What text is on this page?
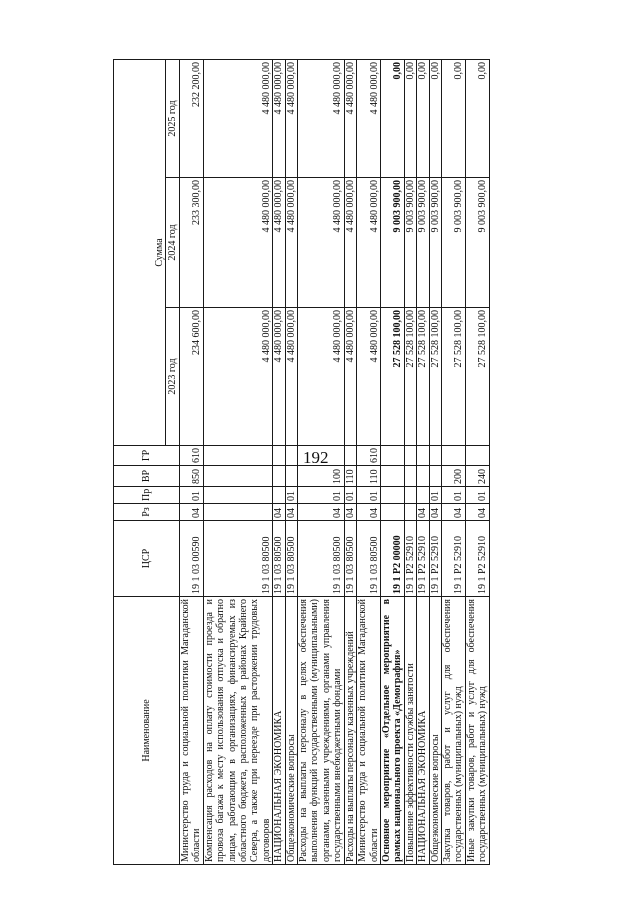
192
Наименование	ЦСР	Рз	Пр	ВР	ГР	Сумма		
						2023 год	2024 год	2025 год
Министерство труда и социальной политики Магаданской области	19 1 03 00590	04	01	850	610	234 600,00	233 300,00	232 200,00
Компенсация расходов на оплату стоимости проезда и провоза багажа к месту использования отпуска и обратно лицам, работающим в организациях, финансируемых из областного бюджета, расположенных в районах Крайнего Севера, а также при переезде при расторжении трудовых договоров	19 1 03 80500					4 480 000,00	4 480 000,00	4 480 000,00
НАЦИОНАЛЬНАЯ ЭКОНОМИКА	19 1 03 80500	04				4 480 000,00	4 480 000,00	4 480 000,00
Общеэкономические вопросы	19 1 03 80500	04	01			4 480 000,00	4 480 000,00	4 480 000,00
Расходы на выплаты персоналу в целях обеспечения выполнения функций государственными (муниципальными) органами, казенными учреждениями, органами управления государственными внебюджетными фондами	19 1 03 80500	04	01	100		4 480 000,00	4 480 000,00	4 480 000,00
Расходы на выплаты персоналу казенных учреждений	19 1 03 80500	04	01	110		4 480 000,00	4 480 000,00	4 480 000,00
Министерство труда и социальной политики Магаданской области	19 1 03 80500	04	01	110	610	4 480 000,00	4 480 000,00	4 480 000,00
Основное мероприятие «Отдельное мероприятие в рамках национального проекта «Демография»	19 1 P2 00000					27 528 100,00	9 003 900,00	0,00
Повышение эффективности службы занятости	19 1 P2 52910					27 528 100,00	9 003 900,00	0,00
НАЦИОНАЛЬНАЯ ЭКОНОМИКА	19 1 P2 52910	04				27 528 100,00	9 003 900,00	0,00
Общеэкономические вопросы	19 1 P2 52910	04	01			27 528 100,00	9 003 900,00	0,00
Закупка товаров, работ и услуг для обеспечения государственных (муниципальных) нужд	19 1 P2 52910	04	01	200		27 528 100,00	9 003 900,00	0,00
Иные закупки товаров, работ и услуг для обеспечения государственных (муниципальных) нужд	19 1 P2 52910	04	01	240		27 528 100,00	9 003 900,00	0,00
